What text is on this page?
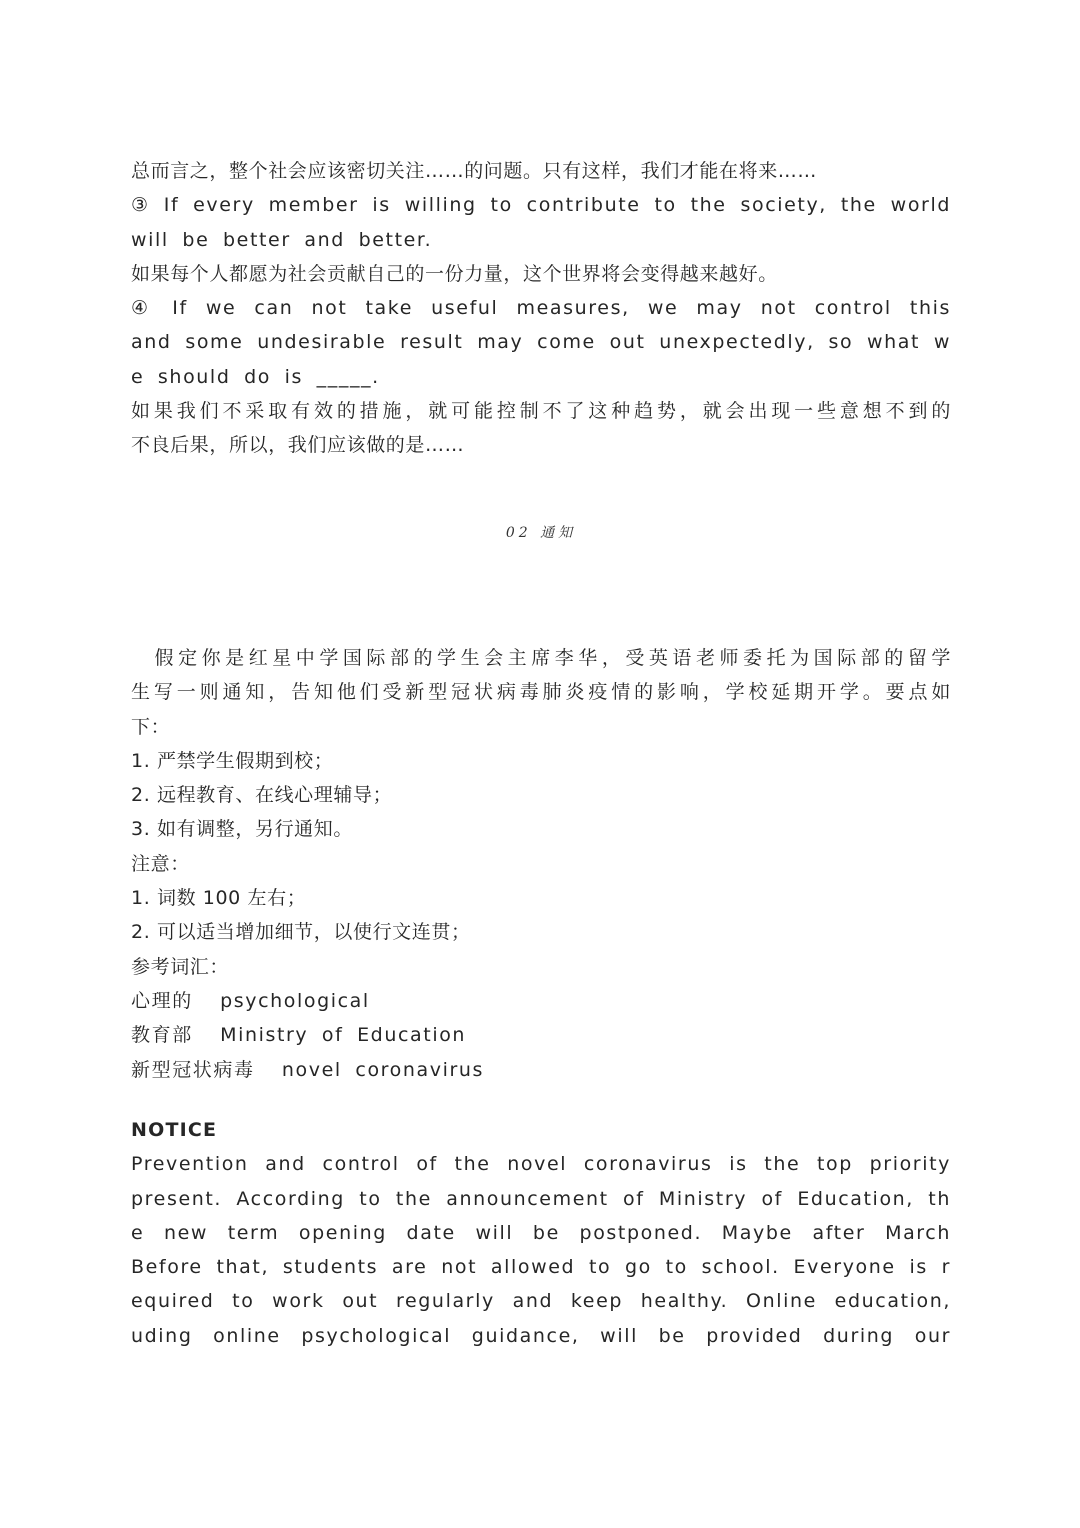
总而言之，整个社会应该密切关注……的问题。只有这样，我们才能在将来……
③ If every member is willing to contribute to the society, the world
will be better and better.
如果每个人都愿为社会贡献自己的一份力量，这个世界将会变得越来越好。
④ If we can not take useful measures, we may not control this
and some undesirable result may come out unexpectedly, so what w
e should do is _____.
如果我们不采取有效的措施，就可能控制不了这种趋势，就会出现一些意想不到的
不良后果，所以，我们应该做的是……
02 通知
　假定你是红星中学国际部的学生会主席李华，受英语老师委托为国际部的留学
生写一则通知，告知他们受新型冠状病毒肺炎疫情的影响，学校延期开学。要点如
下：
1. 严禁学生假期到校；
2. 远程教育、在线心理辅导；
3. 如有调整，另行通知。
注意：
1. 词数 100 左右；
2. 可以适当增加细节，以使行文连贯；
参考词汇：
心理的  psychological
教育部  Ministry of Education
新型冠状病毒  novel coronavirus
NOTICE
Prevention and control of the novel coronavirus is the top priority
present. According to the announcement of Ministry of Education, th
e new term opening date will be postponed. Maybe after March
Before that, students are not allowed to go to school. Everyone is r
equired to work out regularly and keep healthy. Online education,
uding online psychological guidance, will be provided during our
